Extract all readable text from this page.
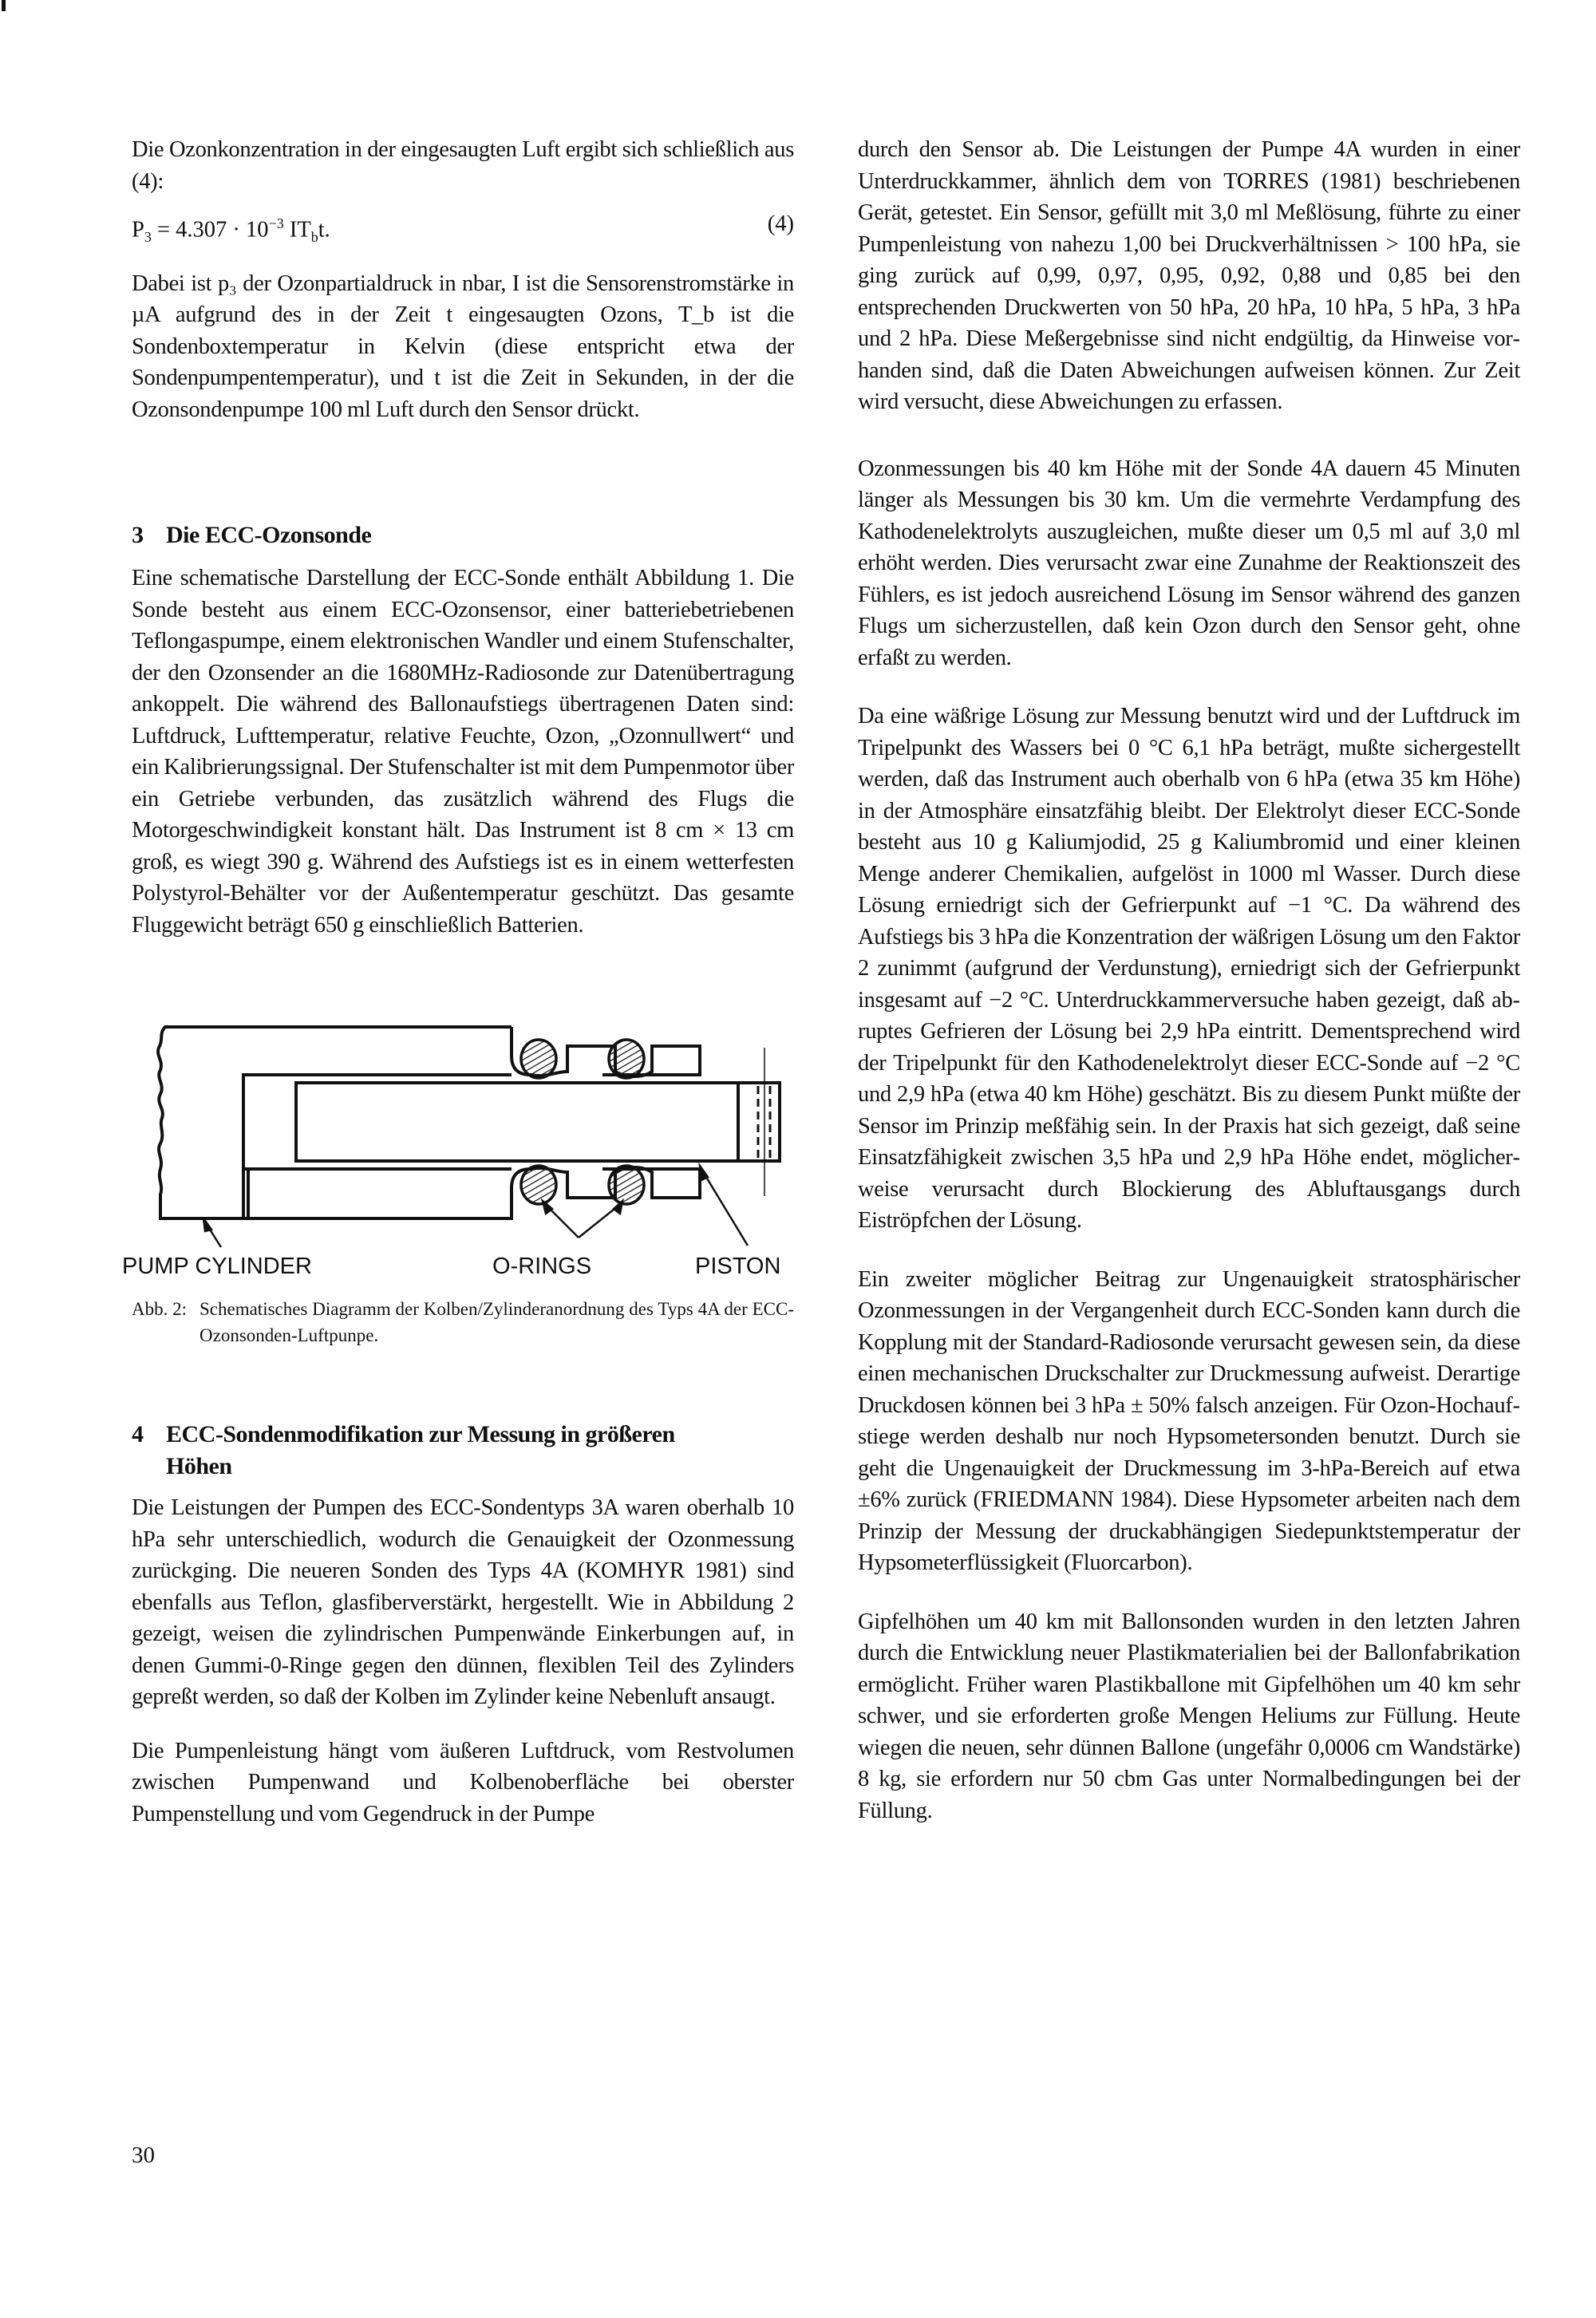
Die Ozonkonzentration in der eingesaugten Luft ergibt sich schließlich aus (4):

$P_3 = 4.307 \cdot 10^{-3}$ $IT_bt$.	(4)

Dabei ist p₃ der Ozonpartialdruck in nbar, I ist die Sensorenstromstärke in µA aufgrund des in der Zeit t eingesaugten Ozons, T_b ist die Sondenboxtemperatur in Kelvin (diese entspricht etwa der Sondenpumpentemperatur), und t ist die Zeit in Sekunden, in der die Ozonsondenpumpe 100 ml Luft durch den Sensor drückt.

3 Die ECC-Ozonsonde

Eine schematische Darstellung der ECC-Sonde enthält Abbildung 1. Die Sonde besteht aus einem ECC-Ozonsensor, einer batteriebetriebenen Teflongaspumpe, einem elektronischen Wandler und einem Stufenschalter, der den Ozonsender an die 1680MHz-Radiosonde zur Datenübertragung ankoppelt. Die während des Ballonaufstiegs übertragenen Daten sind: Luftdruck, Lufttemperatur, relative Feuchte, Ozon, „Ozonnullwert“ und ein Kalibrierungssignal. Der Stufenschalter ist mit dem Pumpenmotor über ein Getriebe verbunden, das zusätzlich während des Flugs die Motorgeschwindigkeit konstant hält. Das Instrument ist 8 cm × 13 cm groß, es wiegt 390 g. Während des Aufstiegs ist es in einem wetterfesten Polystyrol-Behälter vor der Außentemperatur geschützt. Das gesamte Fluggewicht beträgt 650 g einschließlich Batterien.

PUMP CYLINDER	O-RINGS	PISTON
Abb. 2: Schematisches Diagramm der Kolben/Zylinderanordnung des Typs 4A der ECC-Ozonsonden-Luftpunpe.
4 ECC-Sondenmodifikation zur Messung in größeren Höhen

Die Leistungen der Pumpen des ECC-Sondentyps 3A waren oberhalb 10 hPa sehr unterschiedlich, wodurch die Genauigkeit der Ozonmessung zurückging. Die neueren Sonden des Typs 4A (KOMHYR 1981) sind ebenfalls aus Teflon, glasfiberverstärkt, hergestellt. Wie in Abbildung 2 gezeigt, weisen die zylindrischen Pumpenwände Einkerbungen auf, in denen Gummi-0-Ringe gegen den dünnen, flexiblen Teil des Zylinders gepreßt werden, so daß der Kolben im Zylinder keine Nebenluft ansaugt.

Die Pumpenleistung hängt vom äußeren Luftdruck, vom Restvolumen zwischen Pumpenwand und Kolbenoberfläche bei oberster Pumpenstellung und vom Gegendruck in der Pumpe

durch den Sensor ab. Die Leistungen der Pumpe 4A wurden in einer Unterdruckkammer, ähnlich dem von TORRES (1981) beschriebenen Gerät, getestet. Ein Sensor, gefüllt mit 3,0 ml Meßlösung, führte zu einer Pumpenleistung von nahezu 1,00 bei Druckverhältnissen > 100 hPa, sie ging zurück auf 0,99, 0,97, 0,95, 0,92, 0,88 und 0,85 bei den entsprechenden Druckwerten von 50 hPa, 20 hPa, 10 hPa, 5 hPa, 3 hPa und 2 hPa. Diese Meßergebnisse sind nicht endgültig, da Hinweise vorhanden sind, daß die Daten Abweichungen aufweisen können. Zur Zeit wird versucht, diese Abweichungen zu erfassen.

Ozonmessungen bis 40 km Höhe mit der Sonde 4A dauern 45 Minuten länger als Messungen bis 30 km. Um die vermehrte Verdampfung des Kathodenelektrolyts auszugleichen, mußte dieser um 0,5 ml auf 3,0 ml erhöht werden. Dies verursacht zwar eine Zunahme der Reaktionszeit des Fühlers, es ist jedoch ausreichend Lösung im Sensor während des ganzen Flugs um sicherzustellen, daß kein Ozon durch den Sensor geht, ohne erfaßt zu werden.

Da eine wäßrige Lösung zur Messung benutzt wird und der Luftdruck im Tripelpunkt des Wassers bei 0 °C 6,1 hPa beträgt, mußte sichergestellt werden, daß das Instrument auch oberhalb von 6 hPa (etwa 35 km Höhe) in der Atmosphäre einsatzfähig bleibt. Der Elektrolyt dieser ECC-Sonde besteht aus 10 g Kaliumjodid, 25 g Kaliumbromid und einer kleinen Menge anderer Chemikalien, aufgelöst in 1000 ml Wasser. Durch diese Lösung erniedrigt sich der Gefrierpunkt auf −1 °C. Da während des Aufstiegs bis 3 hPa die Konzentration der wäßrigen Lösung um den Faktor 2 zunimmt (aufgrund der Verdunstung), erniedrigt sich der Gefrierpunkt insgesamt auf −2 °C. Unterdruckkammerversuche haben gezeigt, daß abruptes Gefrieren der Lösung bei 2,9 hPa eintritt. Dementsprechend wird der Tripelpunkt für den Kathodenelektrolyt dieser ECC-Sonde auf −2 °C und 2,9 hPa (etwa 40 km Höhe) geschätzt. Bis zu diesem Punkt müßte der Sensor im Prinzip meßfähig sein. In der Praxis hat sich gezeigt, daß seine Einsatzfähigkeit zwischen 3,5 hPa und 2,9 hPa Höhe endet, möglicherweise verursacht durch Blockierung des Abluftausgangs durch Eiströpfchen der Lösung.

Ein zweiter möglicher Beitrag zur Ungenauigkeit stratosphärischer Ozonmessungen in der Vergangenheit durch ECC-Sonden kann durch die Kopplung mit der Standard-Radiosonde verursacht gewesen sein, da diese einen mechanischen Druckschalter zur Druckmessung aufweist. Derartige Druckdosen können bei 3 hPa ± 50% falsch anzeigen. Für Ozon-Hochaufstiege werden deshalb nur noch Hypsometersonden benutzt. Durch sie geht die Ungenauigkeit der Druckmessung im 3-hPa-Bereich auf etwa ±6% zurück (FRIEDMANN 1984). Diese Hypsometer arbeiten nach dem Prinzip der Messung der druckabhängigen Siedepunktstemperatur der Hypsometerflüssigkeit (Fluorcarbon).

Gipfelhöhen um 40 km mit Ballonsonden wurden in den letzten Jahren durch die Entwicklung neuer Plastikmaterialien bei der Ballonfabrikation ermöglicht. Früher waren Plastikballone mit Gipfelhöhen um 40 km sehr schwer, und sie erforderten große Mengen Heliums zur Füllung. Heute wiegen die neuen, sehr dünnen Ballone (ungefähr 0,0006 cm Wandstärke) 8 kg, sie erfordern nur 50 cbm Gas unter Normalbedingungen bei der Füllung.

30
